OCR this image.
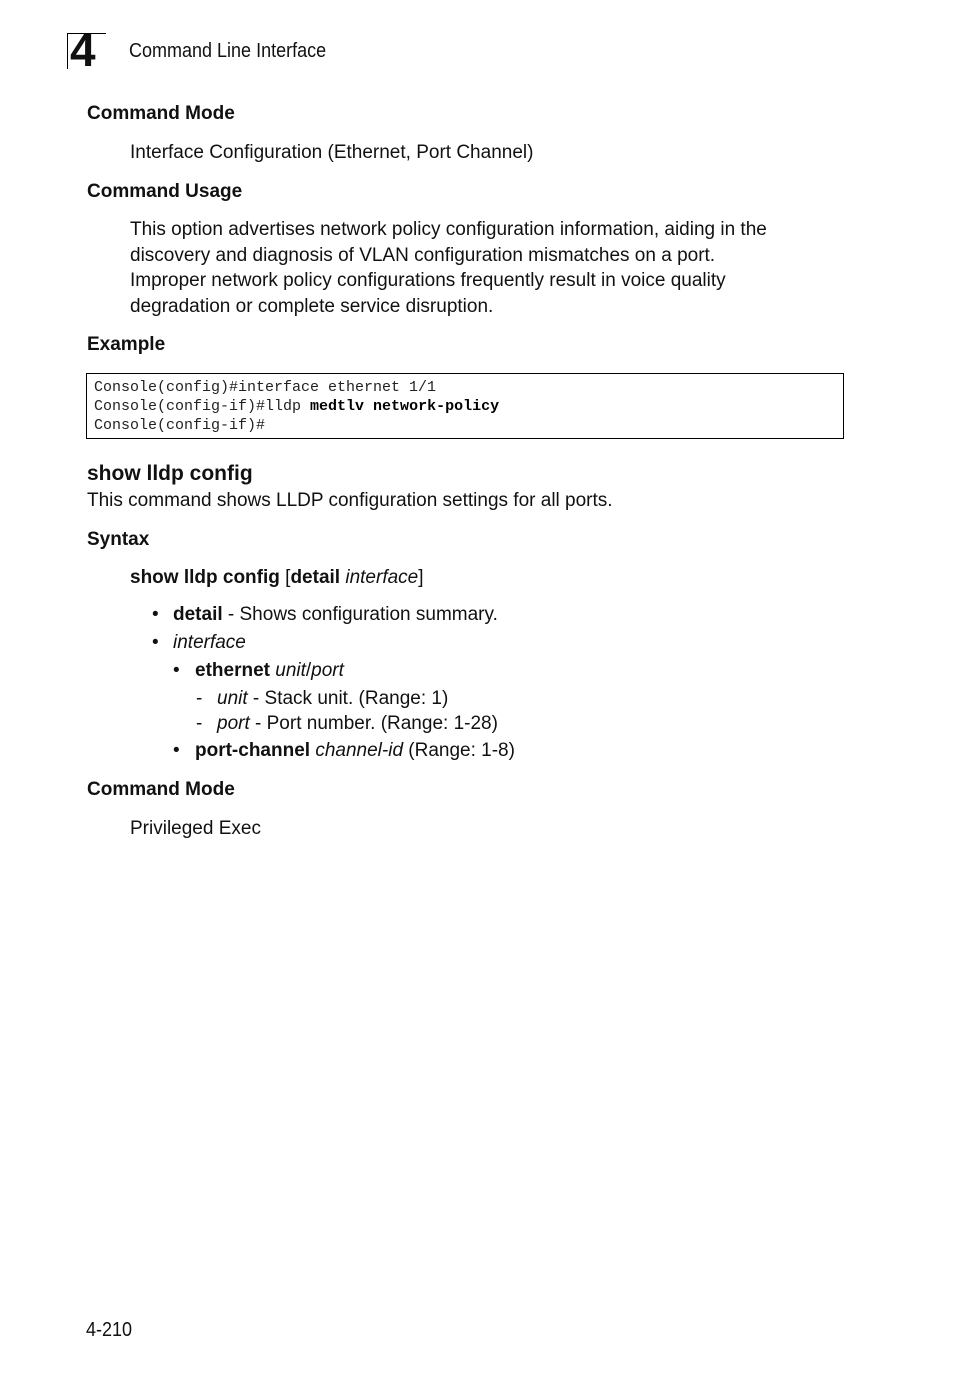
4 Command Line Interface
Command Mode
Interface Configuration (Ethernet, Port Channel)
Command Usage
This option advertises network policy configuration information, aiding in the
discovery and diagnosis of VLAN configuration mismatches on a port.
Improper network policy configurations frequently result in voice quality
degradation or complete service disruption.
Example
Console(config)#interface ethernet 1/1
Console(config-if)#lldp medtlv network-policy
Console(config-if)#
show lldp config
This command shows LLDP configuration settings for all ports.
Syntax
show lldp config [detail interface]
• detail - Shows configuration summary.
• interface
• ethernet unit/port
- unit - Stack unit. (Range: 1)
- port - Port number. (Range: 1-28)
• port-channel channel-id (Range: 1-8)
Command Mode
Privileged Exec
4-210
